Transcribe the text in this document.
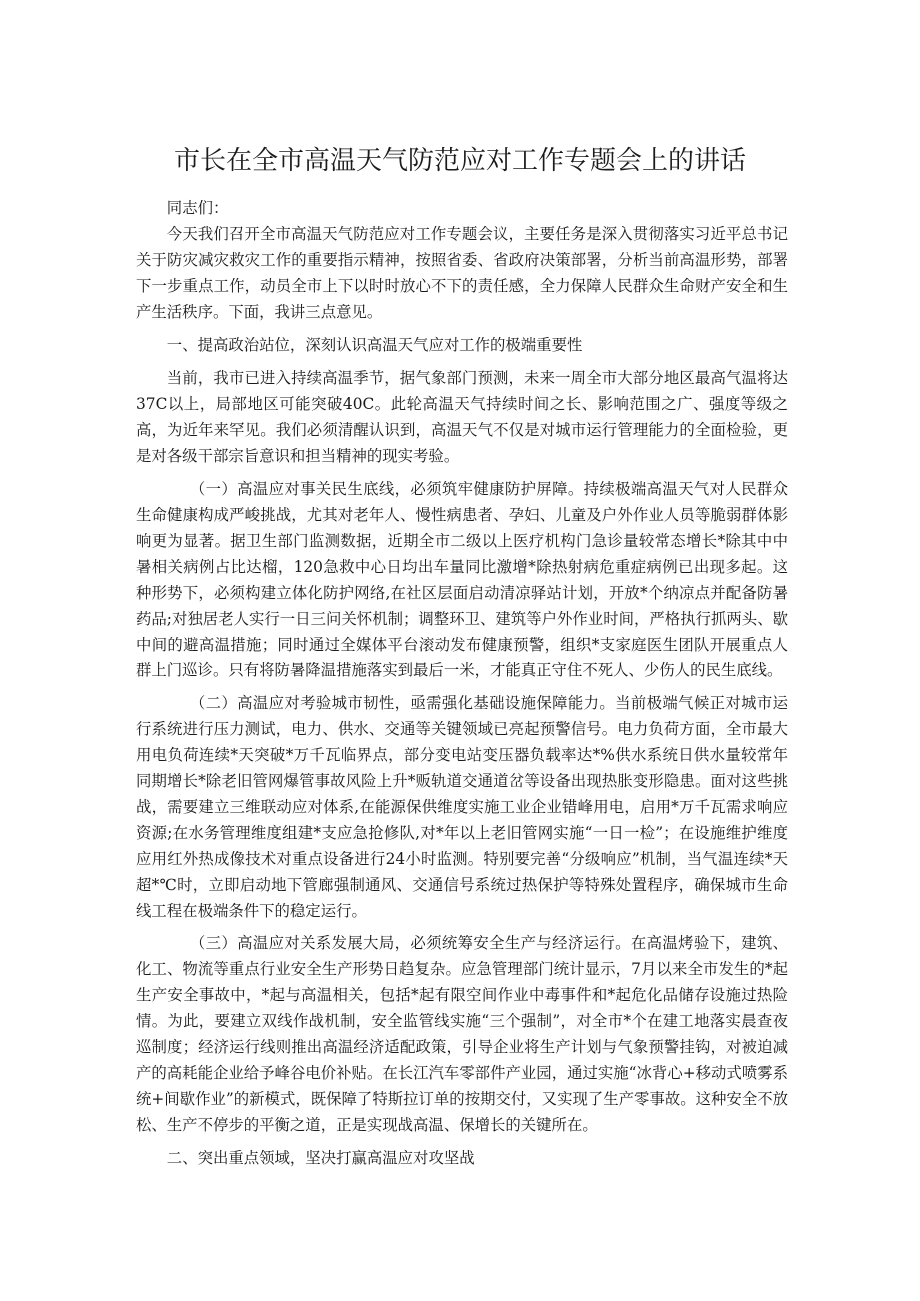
市长在全市高温天气防范应对工作专题会上的讲话

同志们：

今天我们召开全市高温天气防范应对工作专题会议，主要任务是深入贯彻落实习近平总书记关于防灾减灾救灾工作的重要指示精神，按照省委、省政府决策部署，分析当前高温形势，部署下一步重点工作，动员全市上下以时时放心不下的责任感，全力保障人民群众生命财产安全和生产生活秩序。下面，我讲三点意见。

一、提高政治站位，深刻认识高温天气应对工作的极端重要性

当前，我市已进入持续高温季节，据气象部门预测，未来一周全市大部分地区最高气温将达37C以上，局部地区可能突破40C。此轮高温天气持续时间之长、影响范围之广、强度等级之高，为近年来罕见。我们必须清醒认识到，高温天气不仅是对城市运行管理能力的全面检验，更是对各级干部宗旨意识和担当精神的现实考验。

（一）高温应对事关民生底线，必须筑牢健康防护屏障。持续极端高温天气对人民群众生命健康构成严峻挑战，尤其对老年人、慢性病患者、孕妇、儿童及户外作业人员等脆弱群体影响更为显著。据卫生部门监测数据，近期全市二级以上医疗机构门急诊量较常态增长*除其中中暑相关病例占比达榴，120急救中心日均出车量同比激增*除热射病危重症病例已出现多起。这种形势下，必须构建立体化防护网络,在社区层面启动清凉驿站计划，开放*个纳凉点并配备防暑药品;对独居老人实行一日三问关怀机制；调整环卫、建筑等户外作业时间，严格执行抓两头、歇中间的避高温措施；同时通过全媒体平台滚动发布健康预警，组织*支家庭医生团队开展重点人群上门巡诊。只有将防暑降温措施落实到最后一米，才能真正守住不死人、少伤人的民生底线。

（二）高温应对考验城市韧性，亟需强化基础设施保障能力。当前极端气候正对城市运行系统进行压力测试，电力、供水、交通等关键领域已亮起预警信号。电力负荷方面，全市最大用电负荷连续*天突破*万千瓦临界点，部分变电站变压器负载率达*%供水系统日供水量较常年同期增长*除老旧管网爆管事故风险上升*贩轨道交通道岔等设备出现热胀变形隐患。面对这些挑战，需要建立三维联动应对体系,在能源保供维度实施工业企业错峰用电，启用*万千瓦需求响应资源;在水务管理维度组建*支应急抢修队,对*年以上老旧管网实施“一日一检”；在设施维护维度应用红外热成像技术对重点设备进行24小时监测。特别要完善“分级响应”机制，当气温连续*天超*℃时，立即启动地下管廊强制通风、交通信号系统过热保护等特殊处置程序，确保城市生命线工程在极端条件下的稳定运行。

（三）高温应对关系发展大局，必须统筹安全生产与经济运行。在高温烤验下，建筑、化工、物流等重点行业安全生产形势日趋复杂。应急管理部门统计显示，7月以来全市发生的*起生产安全事故中，*起与高温相关，包括*起有限空间作业中毒事件和*起危化品储存设施过热险情。为此，要建立双线作战机制，安全监管线实施“三个强制”，对全市*个在建工地落实晨查夜巡制度；经济运行线则推出高温经济适配政策，引导企业将生产计划与气象预警挂钩，对被迫减产的高耗能企业给予峰谷电价补贴。在长江汽车零部件产业园，通过实施“冰背心+移动式喷雾系统+间歇作业”的新模式，既保障了特斯拉订单的按期交付，又实现了生产零事故。这种安全不放松、生产不停步的平衡之道，正是实现战高温、保增长的关键所在。

二、突出重点领域，坚决打赢高温应对攻坚战
